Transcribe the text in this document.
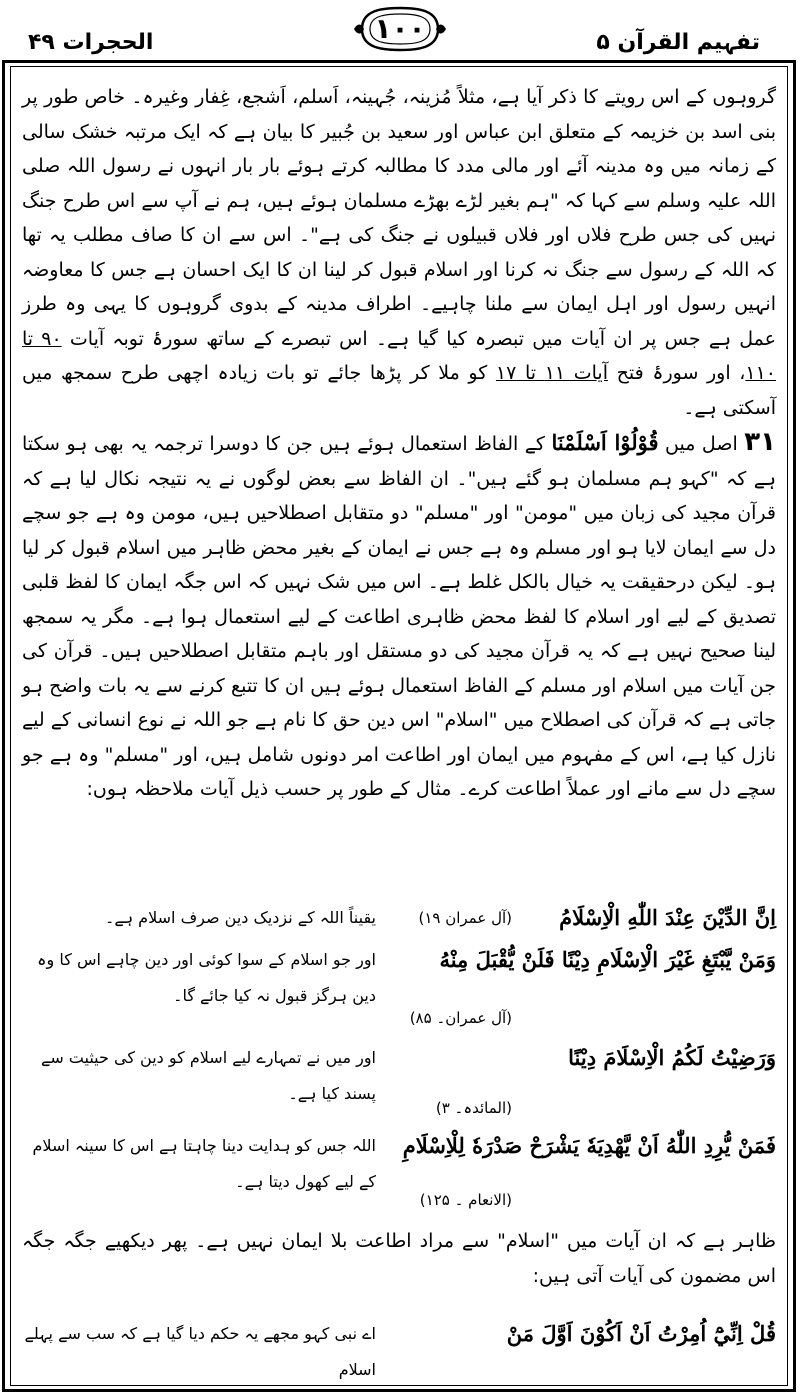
الحجرات ۴۹	۱۰۰	تفہیم القرآن ۵

گروہوں کے اس رویتے کا ذکر آیا ہے، مثلاً مُزینہ، جُہینہ، اَسلم، اَشجع، غِفار وغیرہ۔ خاص طور پر بنی اسد بن خزیمہ کے متعلق ابن عباس اور سعید بن جُبیر کا بیان ہے کہ ایک مرتبہ خشک سالی کے زمانہ میں وہ مدینہ آئے اور مالی مدد کا مطالبہ کرتے ہوئے بار بار انہوں نے رسول اللہ صلی اللہ علیہ وسلم سے کہا کہ "ہم بغیر لڑے بھڑے مسلمان ہوئے ہیں، ہم نے آپ سے اس طرح جنگ نہیں کی جس طرح فلاں اور فلاں قبیلوں نے جنگ کی ہے"۔ اس سے ان کا صاف مطلب یہ تھا کہ اللہ کے رسول سے جنگ نہ کرنا اور اسلام قبول کر لینا ان کا ایک احسان ہے جس کا معاوضہ انہیں رسول اور اہل ایمان سے ملنا چاہیے۔ اطراف مدینہ کے بدوی گروہوں کا یہی وہ طرز عمل ہے جس پر ان آیات میں تبصرہ کیا گیا ہے۔ اس تبصرے کے ساتھ سورۂ توبہ آیات ۹۰ تا ۱۱۰، اور سورۂ فتح آیات ۱۱ تا ۱۷ کو ملا کر پڑھا جائے تو بات زیادہ اچھی طرح سمجھ میں آسکتی ہے۔

۳۱ اصل میں قُوْلُوْا اَسْلَمْنَا کے الفاظ استعمال ہوئے ہیں جن کا دوسرا ترجمہ یہ بھی ہو سکتا ہے کہ "کہو ہم مسلمان ہو گئے ہیں"۔ ان الفاظ سے بعض لوگوں نے یہ نتیجہ نکال لیا ہے کہ قرآن مجید کی زبان میں "مومن" اور "مسلم" دو متقابل اصطلاحیں ہیں، مومن وہ ہے جو سچے دل سے ایمان لایا ہو اور مسلم وہ ہے جس نے ایمان کے بغیر محض ظاہر میں اسلام قبول کر لیا ہو۔ لیکن درحقیقت یہ خیال بالکل غلط ہے۔ اس میں شک نہیں کہ اس جگہ ایمان کا لفظ قلبی تصدیق کے لیے اور اسلام کا لفظ محض ظاہری اطاعت کے لیے استعمال ہوا ہے۔ مگر یہ سمجھ لینا صحیح نہیں ہے کہ یہ قرآن مجید کی دو مستقل اور باہم متقابل اصطلاحیں ہیں۔ قرآن کی جن آیات میں اسلام اور مسلم کے الفاظ استعمال ہوئے ہیں ان کا تتبع کرنے سے یہ بات واضح ہو جاتی ہے کہ قرآن کی اصطلاح میں "اسلام" اس دین حق کا نام ہے جو اللہ نے نوع انسانی کے لیے نازل کیا ہے، اس کے مفہوم میں ایمان اور اطاعت امر دونوں شامل ہیں، اور "مسلم" وہ ہے جو سچے دل سے مانے اور عملاً اطاعت کرے۔ مثال کے طور پر حسب ذیل آیات ملاحظہ ہوں:

اِنَّ الدِّيْنَ عِنْدَ اللّٰهِ الْاِسْلَامُ
(آل عمران ۱۹)
یقیناً اللہ کے نزدیک دین صرف اسلام ہے۔
وَمَنْ يَّبْتَغِ غَيْرَ الْاِسْلَامِ دِيْنًا فَلَنْ يُّقْبَلَ مِنْهُ
(آل عمران۔ ۸۵)
اور جو اسلام کے سوا کوئی اور دین چاہے اس کا وہ دین ہرگز قبول نہ کیا جائے گا۔
وَرَضِيْتُ لَكُمُ الْاِسْلَامَ دِيْنًا
(المائدہ۔ ۳)
اور میں نے تمہارے لیے اسلام کو دین کی حیثیت سے پسند کیا ہے۔
فَمَنْ يُّرِدِ اللّٰهُ اَنْ يَّهْدِيَهٗ يَشْرَحْ صَدْرَهٗ لِلْاِسْلَامِ
(الانعام ۔ ۱۲۵)
اللہ جس کو ہدایت دینا چاہتا ہے اس کا سینہ اسلام کے لیے کھول دیتا ہے۔
ظاہر ہے کہ ان آیات میں "اسلام" سے مراد اطاعت بلا ایمان نہیں ہے۔ پھر دیکھیے جگہ جگہ اس مضمون کی آیات آتی ہیں:
قُلْ اِنِّيْٓ اُمِرْتُ اَنْ اَكُوْنَ اَوَّلَ مَنْ
اے نبی کہو مجھے یہ حکم دیا گیا ہے کہ سب سے پہلے اسلام
